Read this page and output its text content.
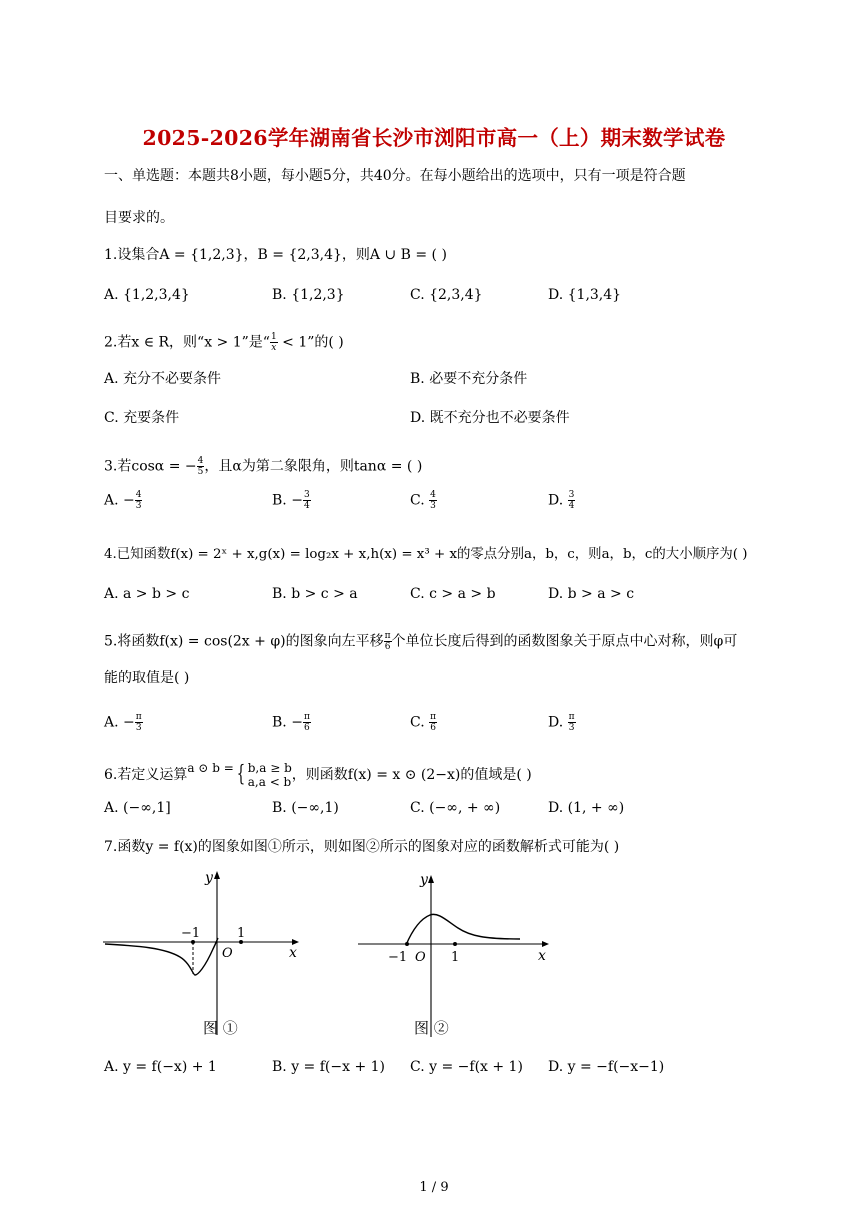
2025-2026学年湖南省长沙市浏阳市高一（上）期末数学试卷
一、单选题：本题共8小题，每小题5分，共40分。在每小题给出的选项中，只有一项是符合题
目要求的。
1.设集合A = {1,2,3}，B = {2,3,4}，则A ∪ B = ( )
A. {1,2,3,4}	B. {1,2,3}	C. {2,3,4}	D. {1,3,4}
2.若x ∈ R，则“x > 1”是“ $\frac{1}{x} < 1$”的( )
A. 充分不必要条件	B. 必要不充分条件
C. 充要条件	D. 既不充分也不必要条件
3.若cosα = − $\frac{4}{5}$ ，且α为第二象限角，则tanα = ( )
A. − $\frac{4}{3}$	B. − $\frac{3}{4}$	C. $\frac{4}{3}$	D. $\frac{3}{4}$
4.已知函数f(x) = 2ˣ + x,g(x) = log₂x + x,h(x) = x³ + x的零点分别a，b，c，则a，b，c的大小顺序为( )
A. a > b > c	B. b > c > a	C. c > a > b	D. b > a > c
5.将函数f(x) = cos(2x + φ)的图象向左平移 $\frac{\pi}{6}$ 个单位长度后得到的函数图象关于原点中心对称，则φ可
能的取值是( )
A. − $\frac{\pi}{3}$	B. − $\frac{\pi}{6}$	C. $\frac{\pi}{6}$	D. $\frac{\pi}{3}$
6.若定义运算a ⊙ b ={ b,a ≥ b
a,a < b ，则函数f(x) = x ⊙ (2−x)的值域是( )
A. (−∞,1]	B. (−∞,1)	C. (−∞, + ∞)	D. (1, + ∞)
7.函数y = f(x)的图象如图①所示，则如图②所示的图象对应的函数解析式可能为( )
y
x
O
−1	1
图 ①
y
x
O
−1	1
图 ②
A. y = f(−x) + 1	B. y = f(−x + 1) C. y = −f(x + 1) D. y = −f(−x−1)
1 / 9
